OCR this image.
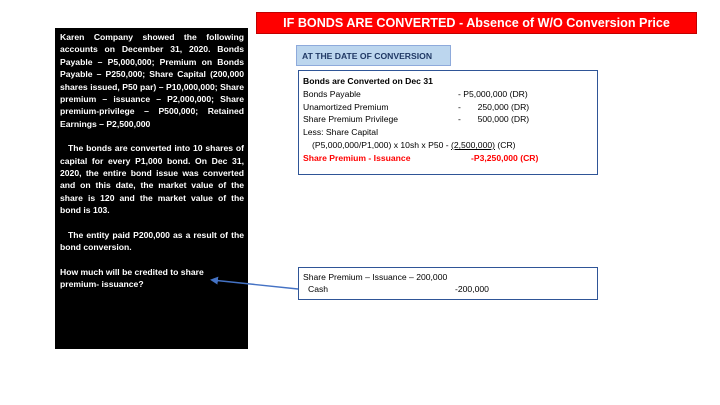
Karen Company showed the following accounts on December 31, 2020. Bonds Payable – P5,000,000; Premium on Bonds Payable – P250,000; Share Capital (200,000 shares issued, P50 par) – P10,000,000; Share premium – issuance – P2,000,000; Share premium-privilege – P500,000; Retained Earnings – P2,500,000

The bonds are converted into 10 shares of capital for every P1,000 bond. On Dec 31, 2020, the entire bond issue was converted and on this date, the market value of the share is 120 and the market value of the bond is 103.

The entity paid P200,000 as a result of the bond conversion.

How much will be credited to share premium- issuance?

IF BONDS ARE CONVERTED - Absence of W/O Conversion Price
AT THE DATE OF CONVERSION
Bonds are Converted on Dec 31
Bonds Payable	- P5,000,000 (DR)
Unamortized Premium	-       250,000 (DR)
Share Premium Privilege	-       500,000 (DR)
Less: Share Capital
(P5,000,000/P1,000) x 10sh x P50 - (2,500,000) (CR)
Share Premium - Issuance	-P3,250,000 (CR)
Share Premium – Issuance – 200,000
Cash	-200,000
